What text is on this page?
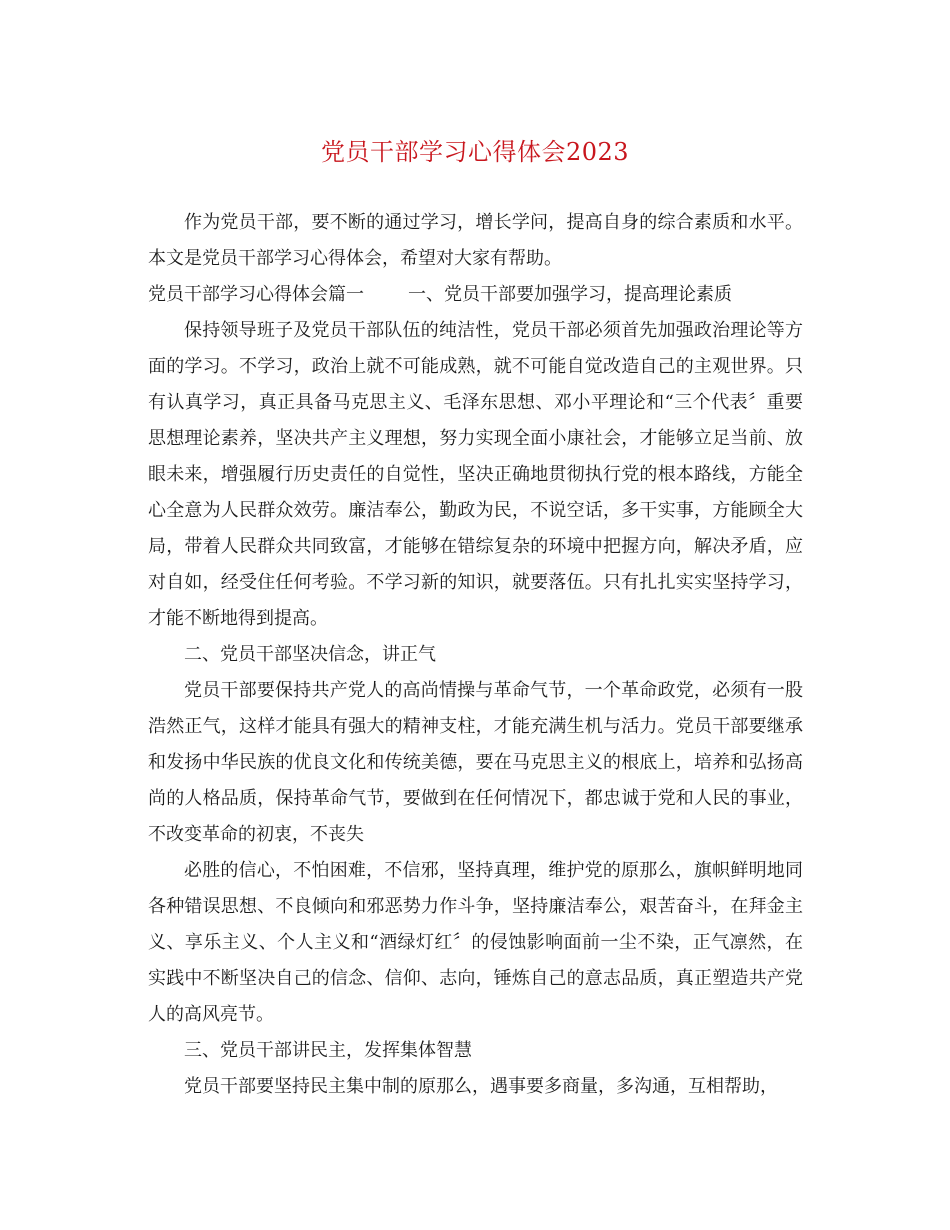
党员干部学习心得体会2023

作为党员干部，要不断的通过学习，增长学问，提高自身的综合素质和水平。本文是党员干部学习心得体会，希望对大家有帮助。

党员干部学习心得体会篇一 一、党员干部要加强学习，提高理论素质

保持领导班子及党员干部队伍的纯洁性，党员干部必须首先加强政治理论等方面的学习。不学习，政治上就不可能成熟，就不可能自觉改造自己的主观世界。只有认真学习，真正具备马克思主义、毛泽东思想、邓小平理论和“三个代表〞重要思想理论素养，坚决共产主义理想，努力实现全面小康社会，才能够立足当前、放眼未来，增强履行历史责任的自觉性，坚决正确地贯彻执行党的根本路线，方能全心全意为人民群众效劳。廉洁奉公，勤政为民，不说空话，多干实事，方能顾全大局，带着人民群众共同致富，才能够在错综复杂的环境中把握方向，解决矛盾，应对自如，经受住任何考验。不学习新的知识，就要落伍。只有扎扎实实坚持学习，才能不断地得到提高。

二、党员干部坚决信念，讲正气

党员干部要保持共产党人的高尚情操与革命气节，一个革命政党，必须有一股浩然正气，这样才能具有强大的精神支柱，才能充满生机与活力。党员干部要继承和发扬中华民族的优良文化和传统美德，要在马克思主义的根底上，培养和弘扬高尚的人格品质，保持革命气节，要做到在任何情况下，都忠诚于党和人民的事业，不改变革命的初衷，不丧失

必胜的信心，不怕困难，不信邪，坚持真理，维护党的原那么，旗帜鲜明地同各种错误思想、不良倾向和邪恶势力作斗争，坚持廉洁奉公，艰苦奋斗，在拜金主义、享乐主义、个人主义和“酒绿灯红〞的侵蚀影响面前一尘不染，正气凛然，在实践中不断坚决自己的信念、信仰、志向，锤炼自己的意志品质，真正塑造共产党人的高风亮节。

三、党员干部讲民主，发挥集体智慧

党员干部要坚持民主集中制的原那么，遇事要多商量，多沟通，互相帮助，
